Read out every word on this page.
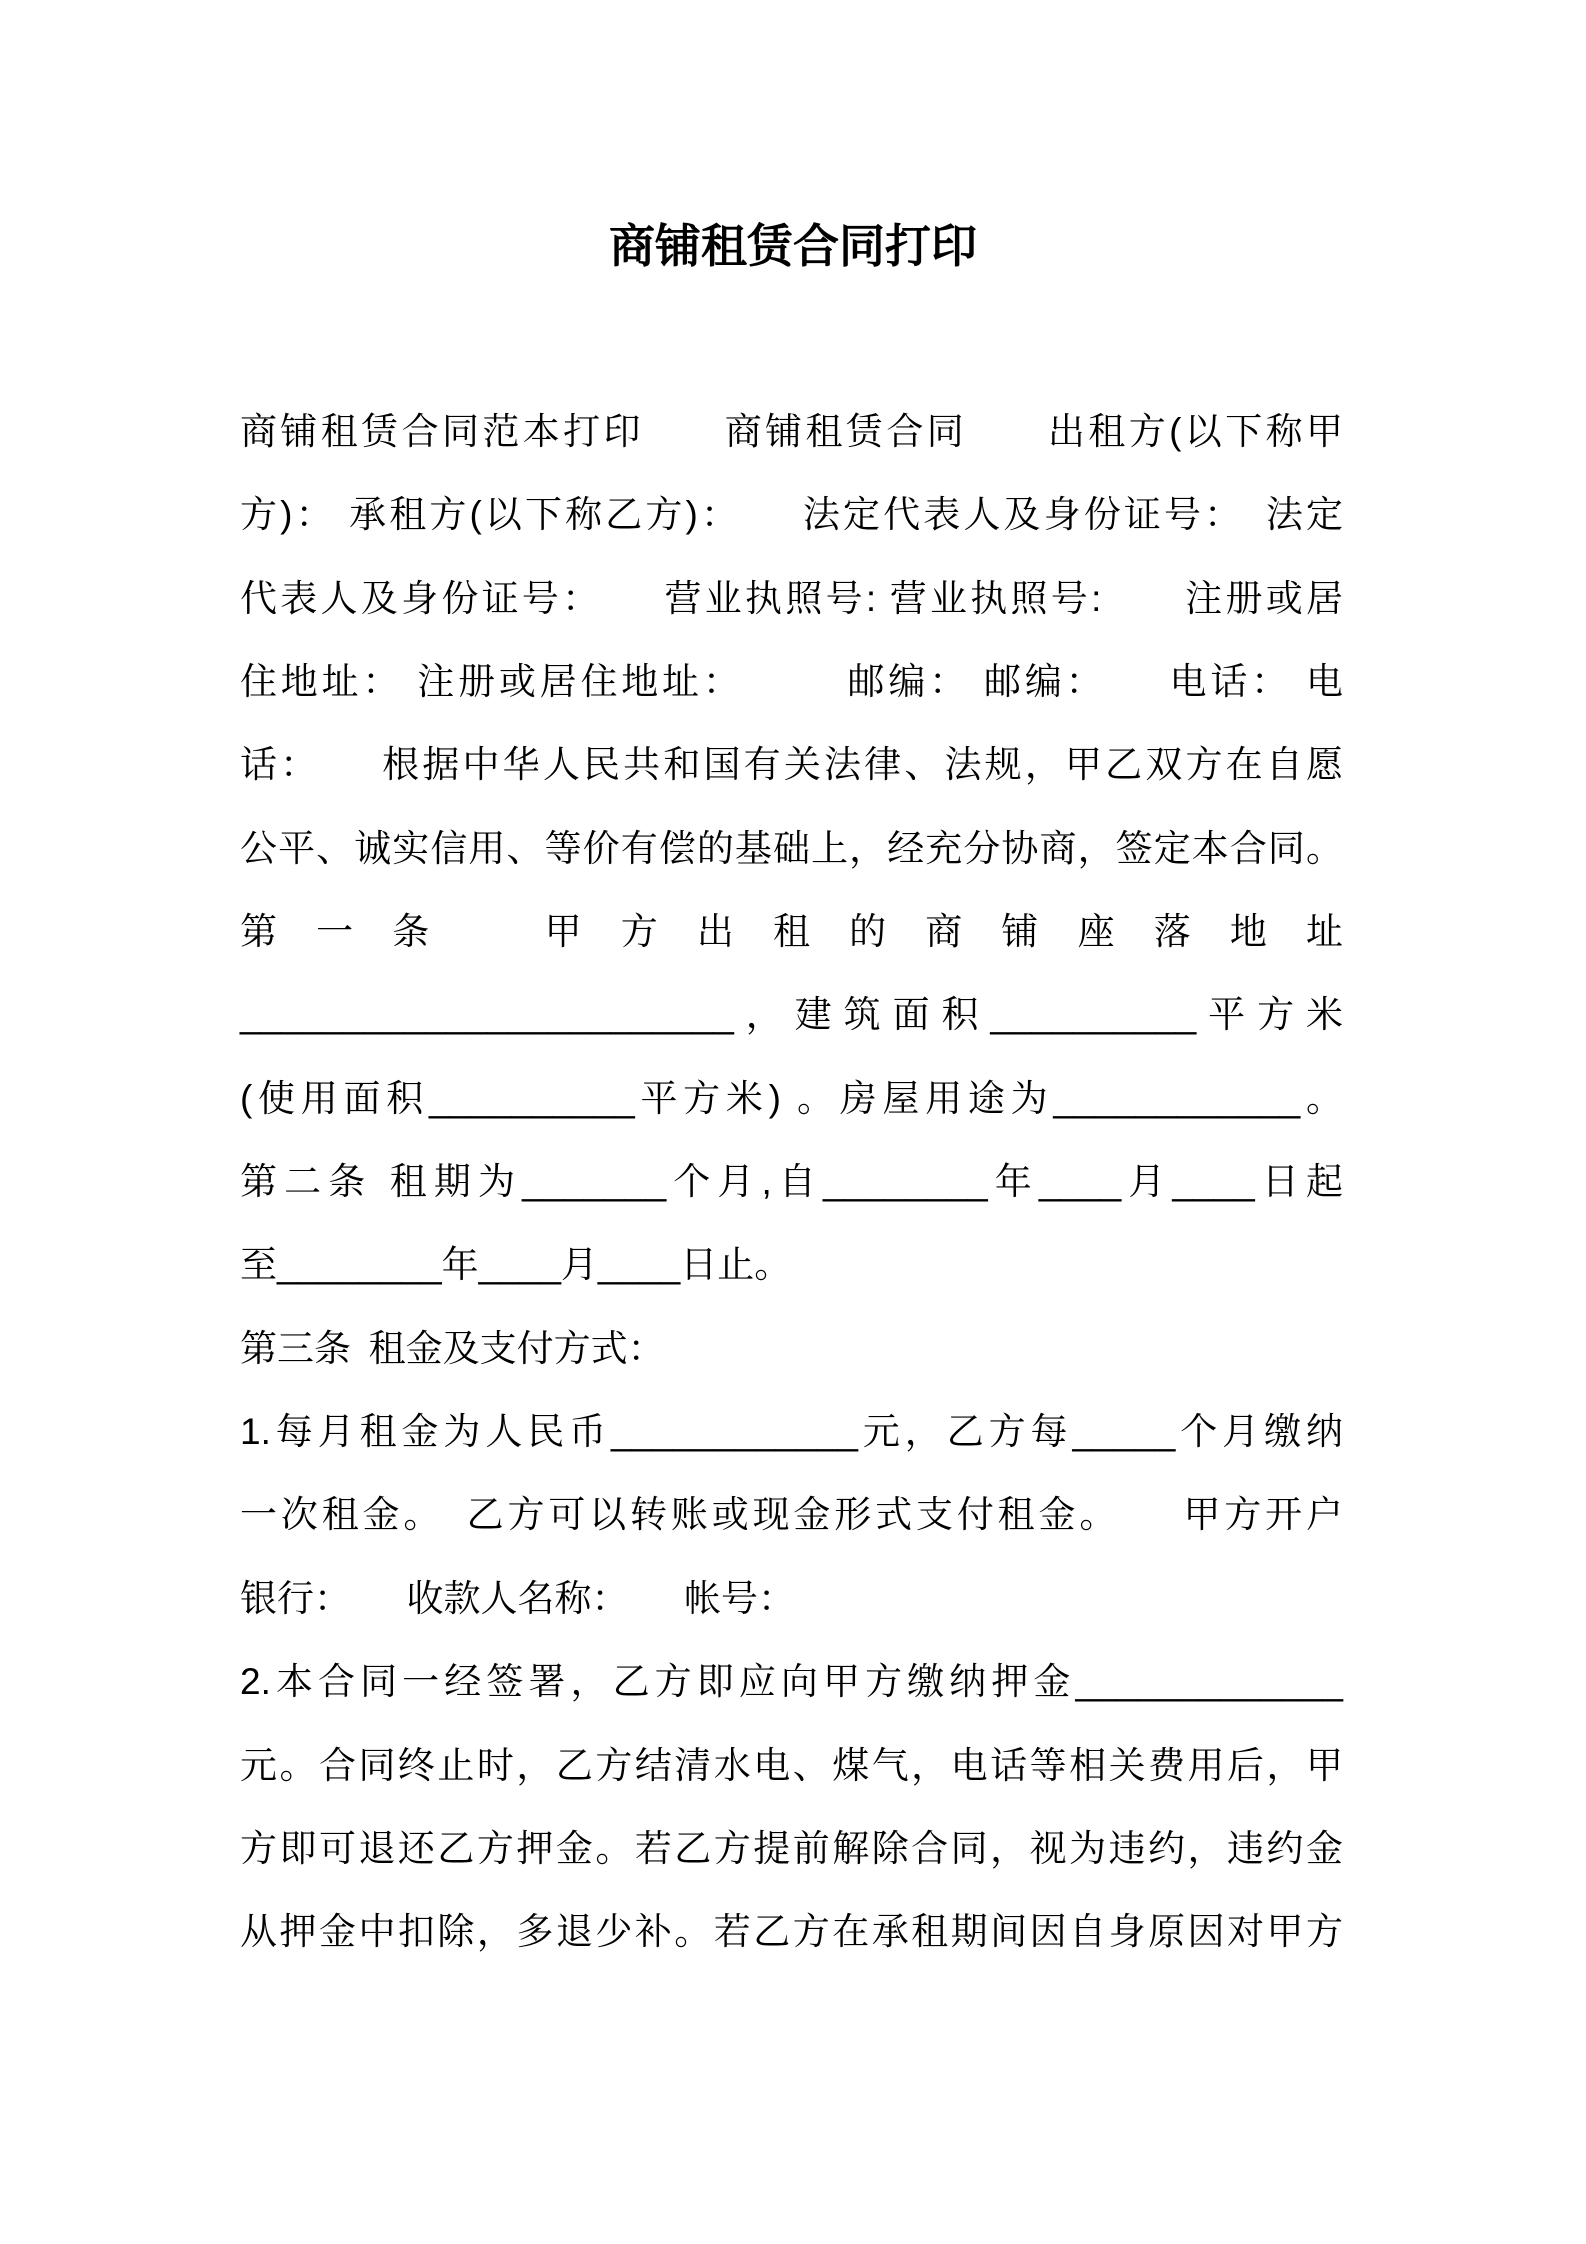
商铺租赁合同打印
商铺租赁合同范本打印　　商铺租赁合同　　出租方(以下称甲
方)： 承租方(以下称乙方)：　　法定代表人及身份证号：　法定
代表人及身份证号：　　营业执照号: 营业执照号:　　注册或居
住地址： 注册或居住地址：　　　邮编： 邮编：　　电话： 电
话：　　根据中华人民共和国有关法律、法规，甲乙双方在自愿
公平、诚实信用、等价有偿的基础上，经充分协商，签定本合同。
第一条　甲方出租的商铺座落地址
________________________，建筑面积__________平方米
(使用面积__________平方米) 。房屋用途为____________。
第二条 租期为_______个月,自________年____月____日起
至________年____月____日止。
第三条 租金及支付方式：
1.每月租金为人民币____________元，乙方每_____个月缴纳
一次租金。　乙方可以转账或现金形式支付租金。　　甲方开户
银行：　　收款人名称：　　帐号：
2.本合同一经签署，乙方即应向甲方缴纳押金_____________
元。合同终止时，乙方结清水电、煤气，电话等相关费用后，甲
方即可退还乙方押金。若乙方提前解除合同，视为违约，违约金
从押金中扣除，多退少补。若乙方在承租期间因自身原因对甲方
